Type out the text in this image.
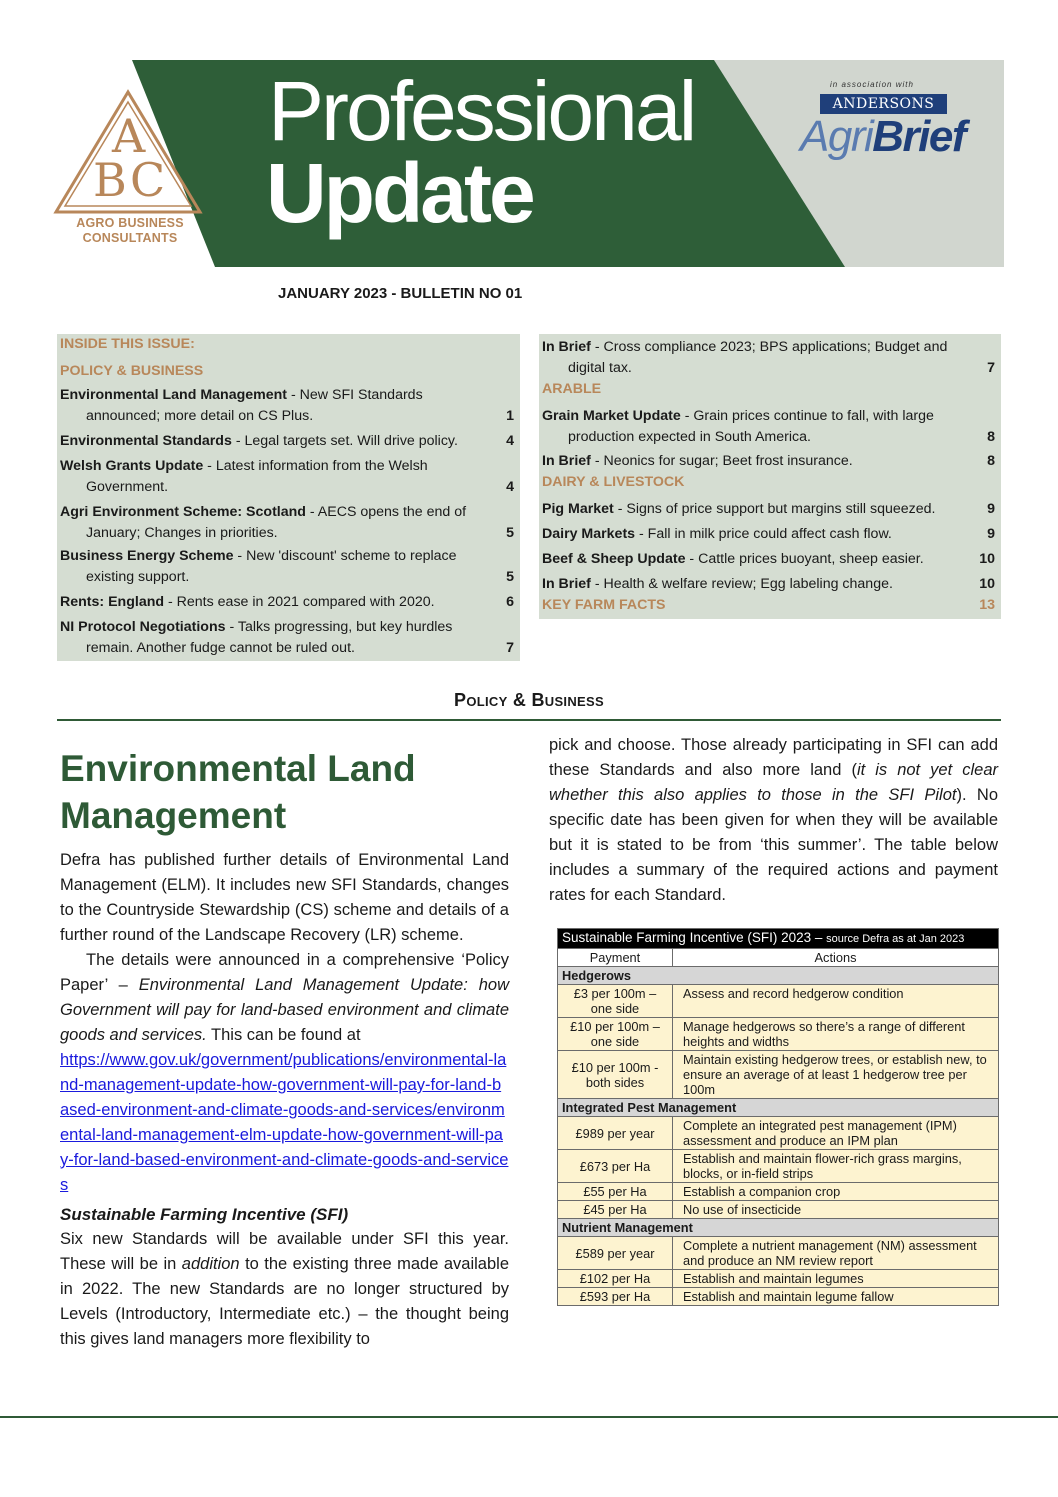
A
B C
AGRO BUSINESS
CONSULTANTS
Professional
Update
in association with
ANDERSONS
AgriBrief
JANUARY 2023 - BULLETIN NO 01
INSIDE THIS ISSUE:
POLICY & BUSINESS
Environmental Land Management - New SFI Standards
announced; more detail on CS Plus.	1
Environmental Standards - Legal targets set. Will drive policy.	4
Welsh Grants Update - Latest information from the Welsh
Government.	4
Agri Environment Scheme: Scotland - AECS opens the end of
January; Changes in priorities.	5
Business Energy Scheme - New 'discount' scheme to replace
existing support.	5
Rents: England - Rents ease in 2021 compared with 2020.	6
NI Protocol Negotiations - Talks progressing, but key hurdles
remain. Another fudge cannot be ruled out.	7
In Brief - Cross compliance 2023; BPS applications; Budget and
digital tax.	7
ARABLE
Grain Market Update - Grain prices continue to fall, with large
production expected in South America.	8
In Brief - Neonics for sugar; Beet frost insurance.	8
DAIRY & LIVESTOCK
Pig Market - Signs of price support but margins still squeezed.	9
Dairy Markets - Fall in milk price could affect cash flow.	9
Beef & Sheep Update - Cattle prices buoyant, sheep easier.	10
In Brief - Health & welfare review; Egg labeling change.	10
KEY FARM FACTS	13
Policy & Business
Environmental Land Management

Defra has published further details of Environmental Land Management (ELM). It includes new SFI Standards, changes to the Countryside Stewardship (CS) scheme and details of a further round of the Landscape Recovery (LR) scheme.

The details were announced in a comprehensive ‘Policy Paper’ – Environmental Land Management Update: how Government will pay for land-based environment and climate goods and services. This can be found at

https://www.gov.uk/government/publications/environmental-land-management-update-how-government-will-pay-for-land-based-environment-and-climate-goods-and-services/environmental-land-management-elm-update-how-government-will-pay-for-land-based-environment-and-climate-goods-and-services

Sustainable Farming Incentive (SFI)

Six new Standards will be available under SFI this year. These will be in addition to the existing three made available in 2022. The new Standards are no longer structured by Levels (Introductory, Intermediate etc.) – the thought being this gives land managers more flexibility to

pick and choose. Those already participating in SFI can add these Standards and also more land (it is not yet clear whether this also applies to those in the SFI Pilot). No specific date has been given for when they will be available but it is stated to be from ‘this summer’. The table below includes a summary of the required actions and payment rates for each Standard.

Sustainable Farming Incentive (SFI) 2023 – source Defra as at Jan 2023	
Payment	Actions
Hedgerows	
£3 per 100m – one side	Assess and record hedgerow condition
£10 per 100m – one side	Manage hedgerows so there’s a range of different heights and widths
£10 per 100m - both sides	Maintain existing hedgerow trees, or establish new, to ensure an average of at least 1 hedgerow tree per 100m
Integrated Pest Management	
£989 per year	Complete an integrated pest management (IPM) assessment and produce an IPM plan
£673 per Ha	Establish and maintain flower-rich grass margins, blocks, or in-field strips
£55 per Ha	Establish a companion crop
£45 per Ha	No use of insecticide
Nutrient Management	
£589 per year	Complete a nutrient management (NM) assessment and produce an NM review report
£102 per Ha	Establish and maintain legumes
£593 per Ha	Establish and maintain legume fallow
